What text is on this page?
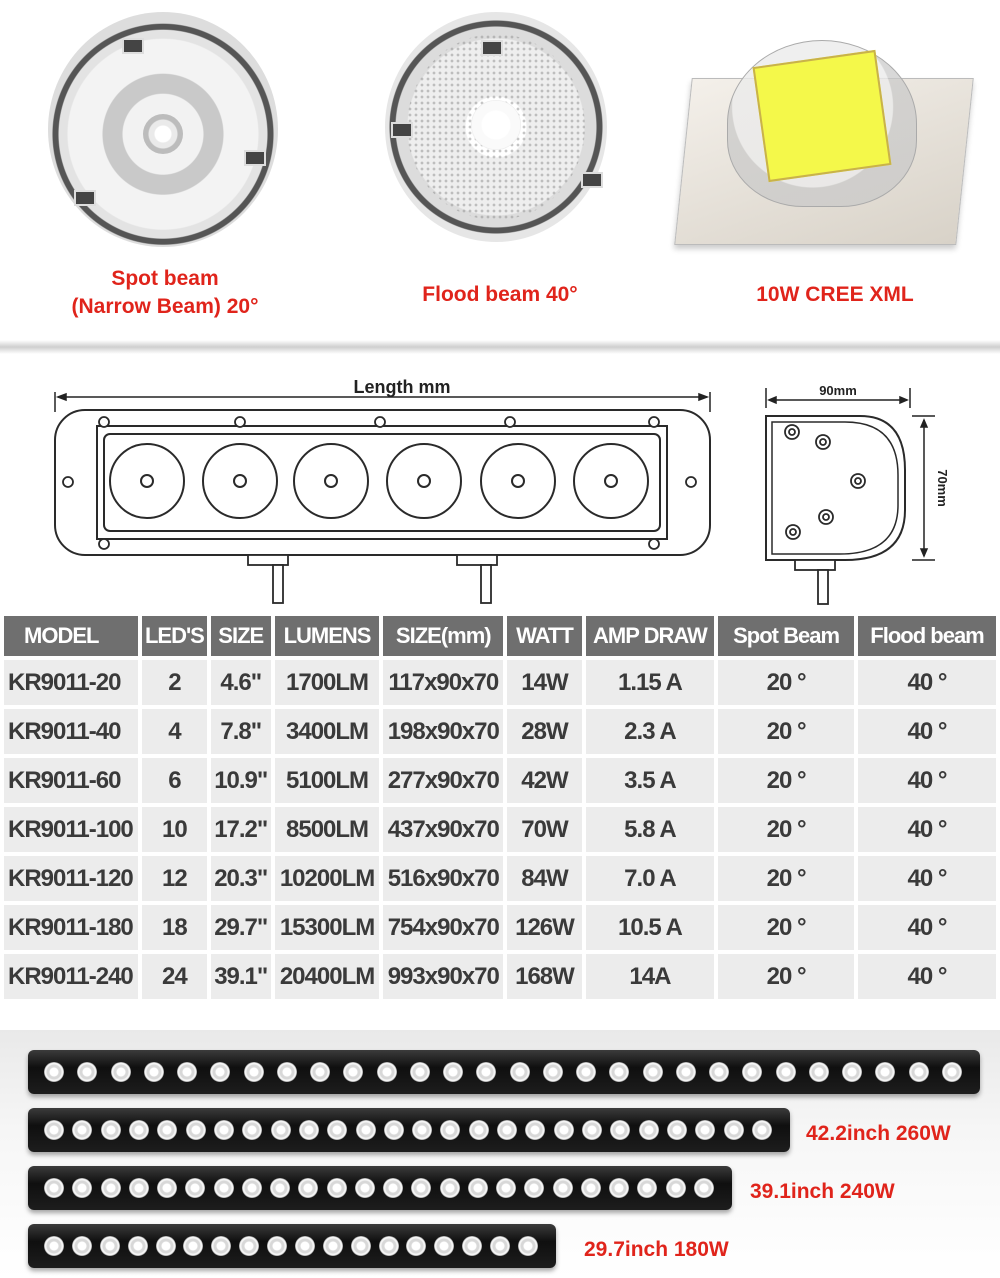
Spot beam
(Narrow Beam) 20°
Flood beam 40°	10W CREE XML
Length mm	90mm
70mm
MODEL	LED'S	SIZE	LUMENS	SIZE(mm)	WATT	AMP DRAW	Spot Beam	Flood beam
KR9011-20	2	4.6"	1700LM	117x90x70	14W	1.15 A	20 °	40 °
KR9011-40	4	7.8"	3400LM	198x90x70	28W	2.3 A	20 °	40 °
KR9011-60	6	10.9"	5100LM	277x90x70	42W	3.5 A	20 °	40 °
KR9011-100	10	17.2"	8500LM	437x90x70	70W	5.8 A	20 °	40 °
KR9011-120	12	20.3"	10200LM	516x90x70	84W	7.0 A	20 °	40 °
KR9011-180	18	29.7"	15300LM	754x90x70	126W	10.5 A	20 °	40 °
KR9011-240	24	39.1"	20400LM	993x90x70	168W	14A	20 °	40 °
42.2inch 260W
39.1inch 240W
29.7inch 180W
